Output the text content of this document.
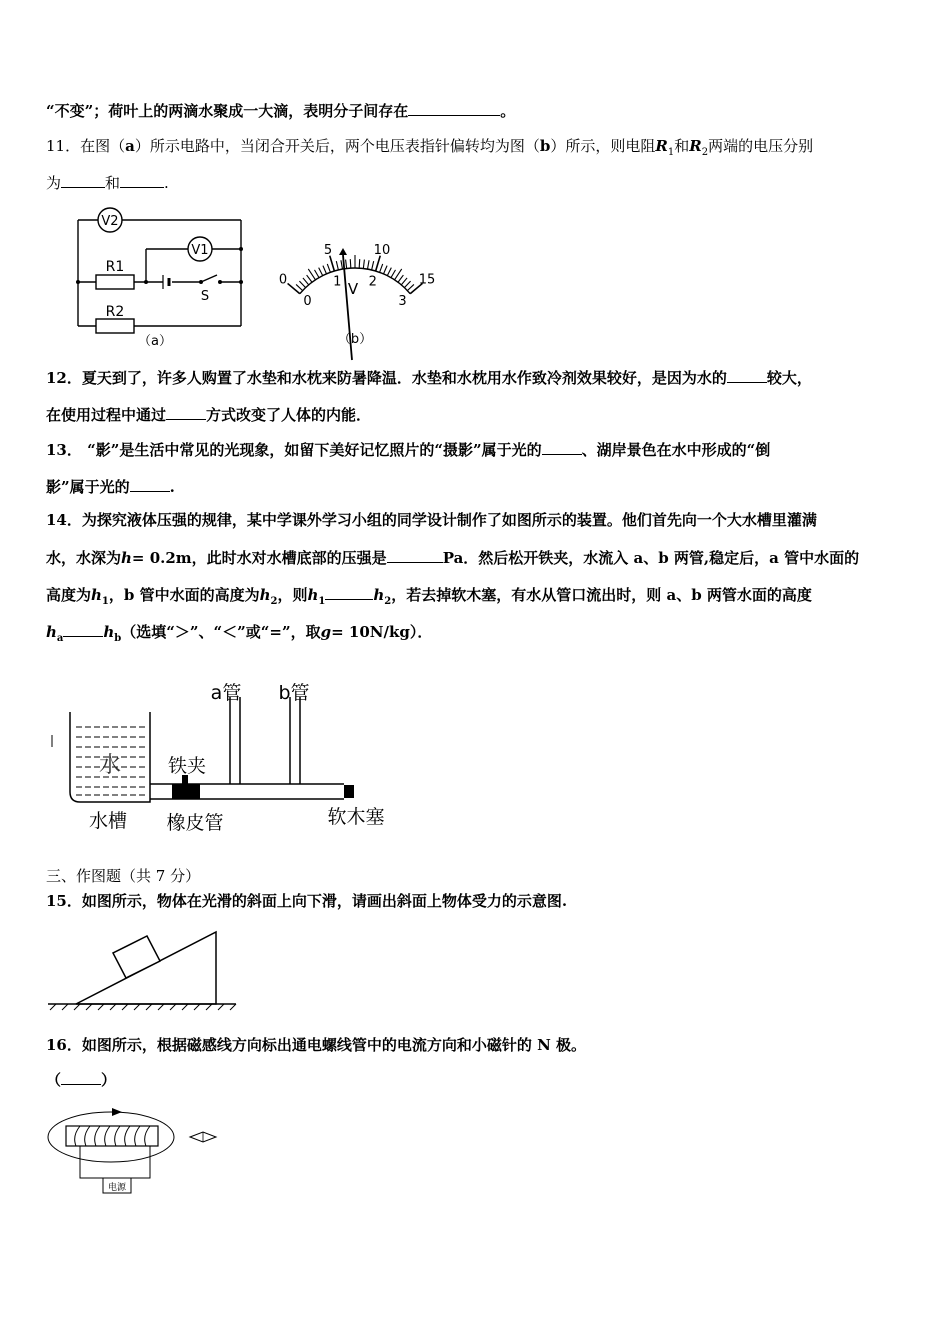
“不变”；荷叶上的两滴水聚成一大滴，表明分子间存在	。
11．在图（a）所示电路中，当闭合开关后，两个电压表指针偏转均为图（b）所示，则电阻$R_1$和$R_2$两端的电压分别
为	和	.
V2
V1
R1
R2
S
（a）
0
5	10
15
0
1 2
3
V
（b）
12．夏天到了，许多人购置了水垫和水枕来防暑降温．水垫和水枕用水作致冷剂效果较好，是因为水的	较大，
在使用过程中通过	方式改变了人体的内能．
13． “影”是生活中常见的光现象，如留下美好记忆照片的“摄影”属于光的	、湖岸景色在水中形成的“倒
影”属于光的	.
14．为探究液体压强的规律，某中学课外学习小组的同学设计制作了如图所示的装置。他们首先向一个大水槽里灌满
水，水深为h= 0.2m，此时水对水槽底部的压强是	Pa．然后松开铁夹，水流入 a、b 两管,稳定后，a 管中水面的
高度为$h_1$，b 管中水面的高度为$h_2$，则$h_1$	$h_2$，若去掉软木塞，有水从管口流出时，则 a、b 两管水面的高度
$h_a$	$h_b$（选填“＞”、“＜”或“=”，取g= 10N/kg）．
a管 b管
水 铁夹
水槽 橡皮管	软木塞
三、作图题（共 7 分）
15．如图所示，物体在光滑的斜面上向下滑，请画出斜面上物体受力的示意图.
16．如图所示，根据磁感线方向标出通电螺线管中的电流方向和小磁针的 N 极。
（	）
电源
